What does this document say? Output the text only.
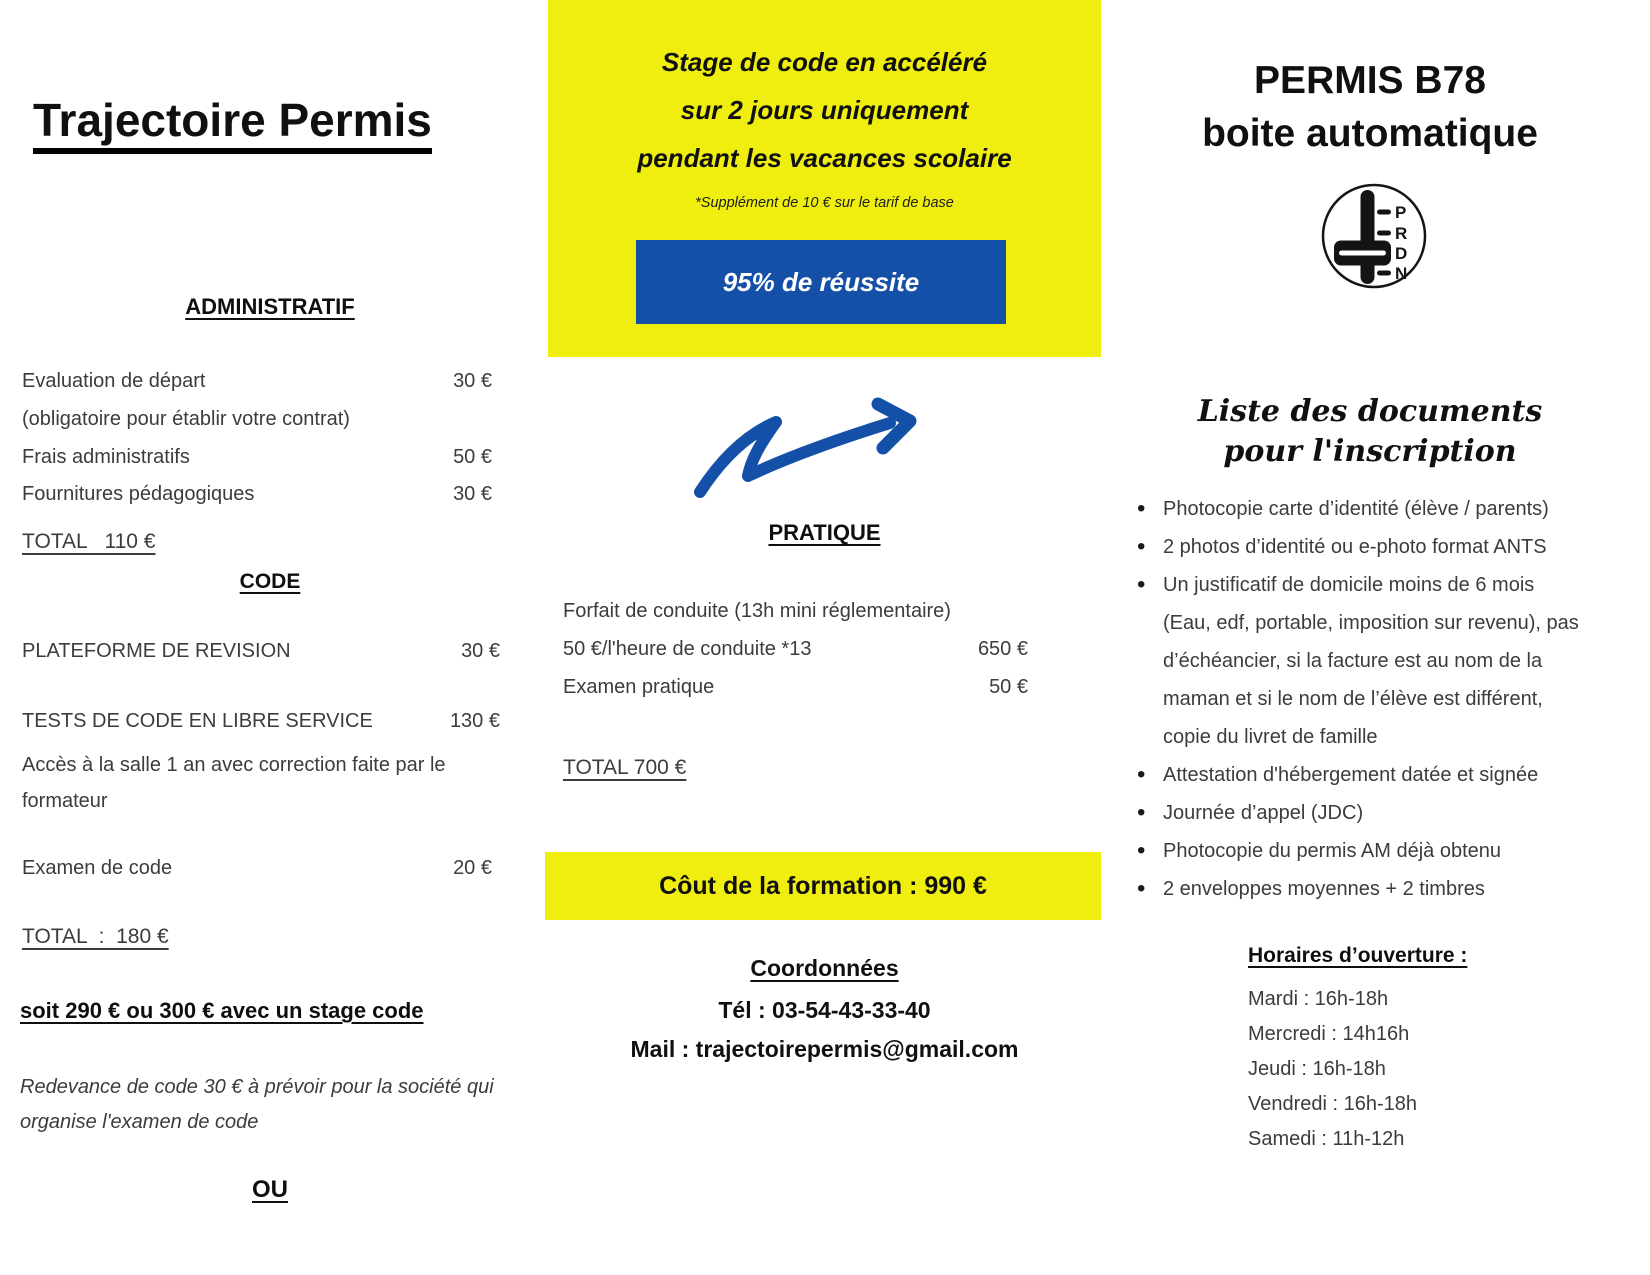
Trajectoire Permis
ADMINISTRATIF
Evaluation de départ	30 €
(obligatoire pour établir votre contrat)
Frais administratifs	50 €
Fournitures pédagogiques	30 €
TOTAL   110 €
CODE
PLATEFORME DE REVISION	30 €
TESTS DE CODE EN LIBRE SERVICE	130 €
Accès à la salle 1 an avec correction faite par le formateur
Examen de code	20 €
TOTAL  :  180 €
soit 290 € ou 300 € avec un stage code
Redevance de code 30 € à prévoir pour la société qui organise l'examen de code
OU
Stage de code en accéléré
sur 2 jours uniquement
pendant les vacances scolaire
*Supplément de 10 € sur le tarif de base
95% de réussite
PRATIQUE
Forfait de conduite (13h mini réglementaire)
50 €/l'heure de conduite *13	650 €
Examen pratique	50 €
TOTAL 700 €
Côut de la formation : 990 €
Coordonnées
Tél : 03-54-43-33-40
Mail : trajectoirepermis@gmail.com
PERMIS B78
boite automatique
P
R
D
N
Liste des documents
pour l'inscription
• Photocopie carte d’identité (élève / parents)
• 2 photos d’identité ou e-photo format ANTS
• Un justificatif de domicile moins de 6 mois (Eau, edf, portable, imposition sur revenu), pas d’échéancier, si la facture est au nom de la maman et si le nom de l’élève est différent, copie du livret de famille
• Attestation d'hébergement datée et signée
• Journée d’appel (JDC)
• Photocopie du permis AM déjà obtenu
• 2 enveloppes moyennes + 2 timbres
Horaires d’ouverture :
Mardi : 16h-18h
Mercredi : 14h16h
Jeudi : 16h-18h
Vendredi : 16h-18h
Samedi : 11h-12h
